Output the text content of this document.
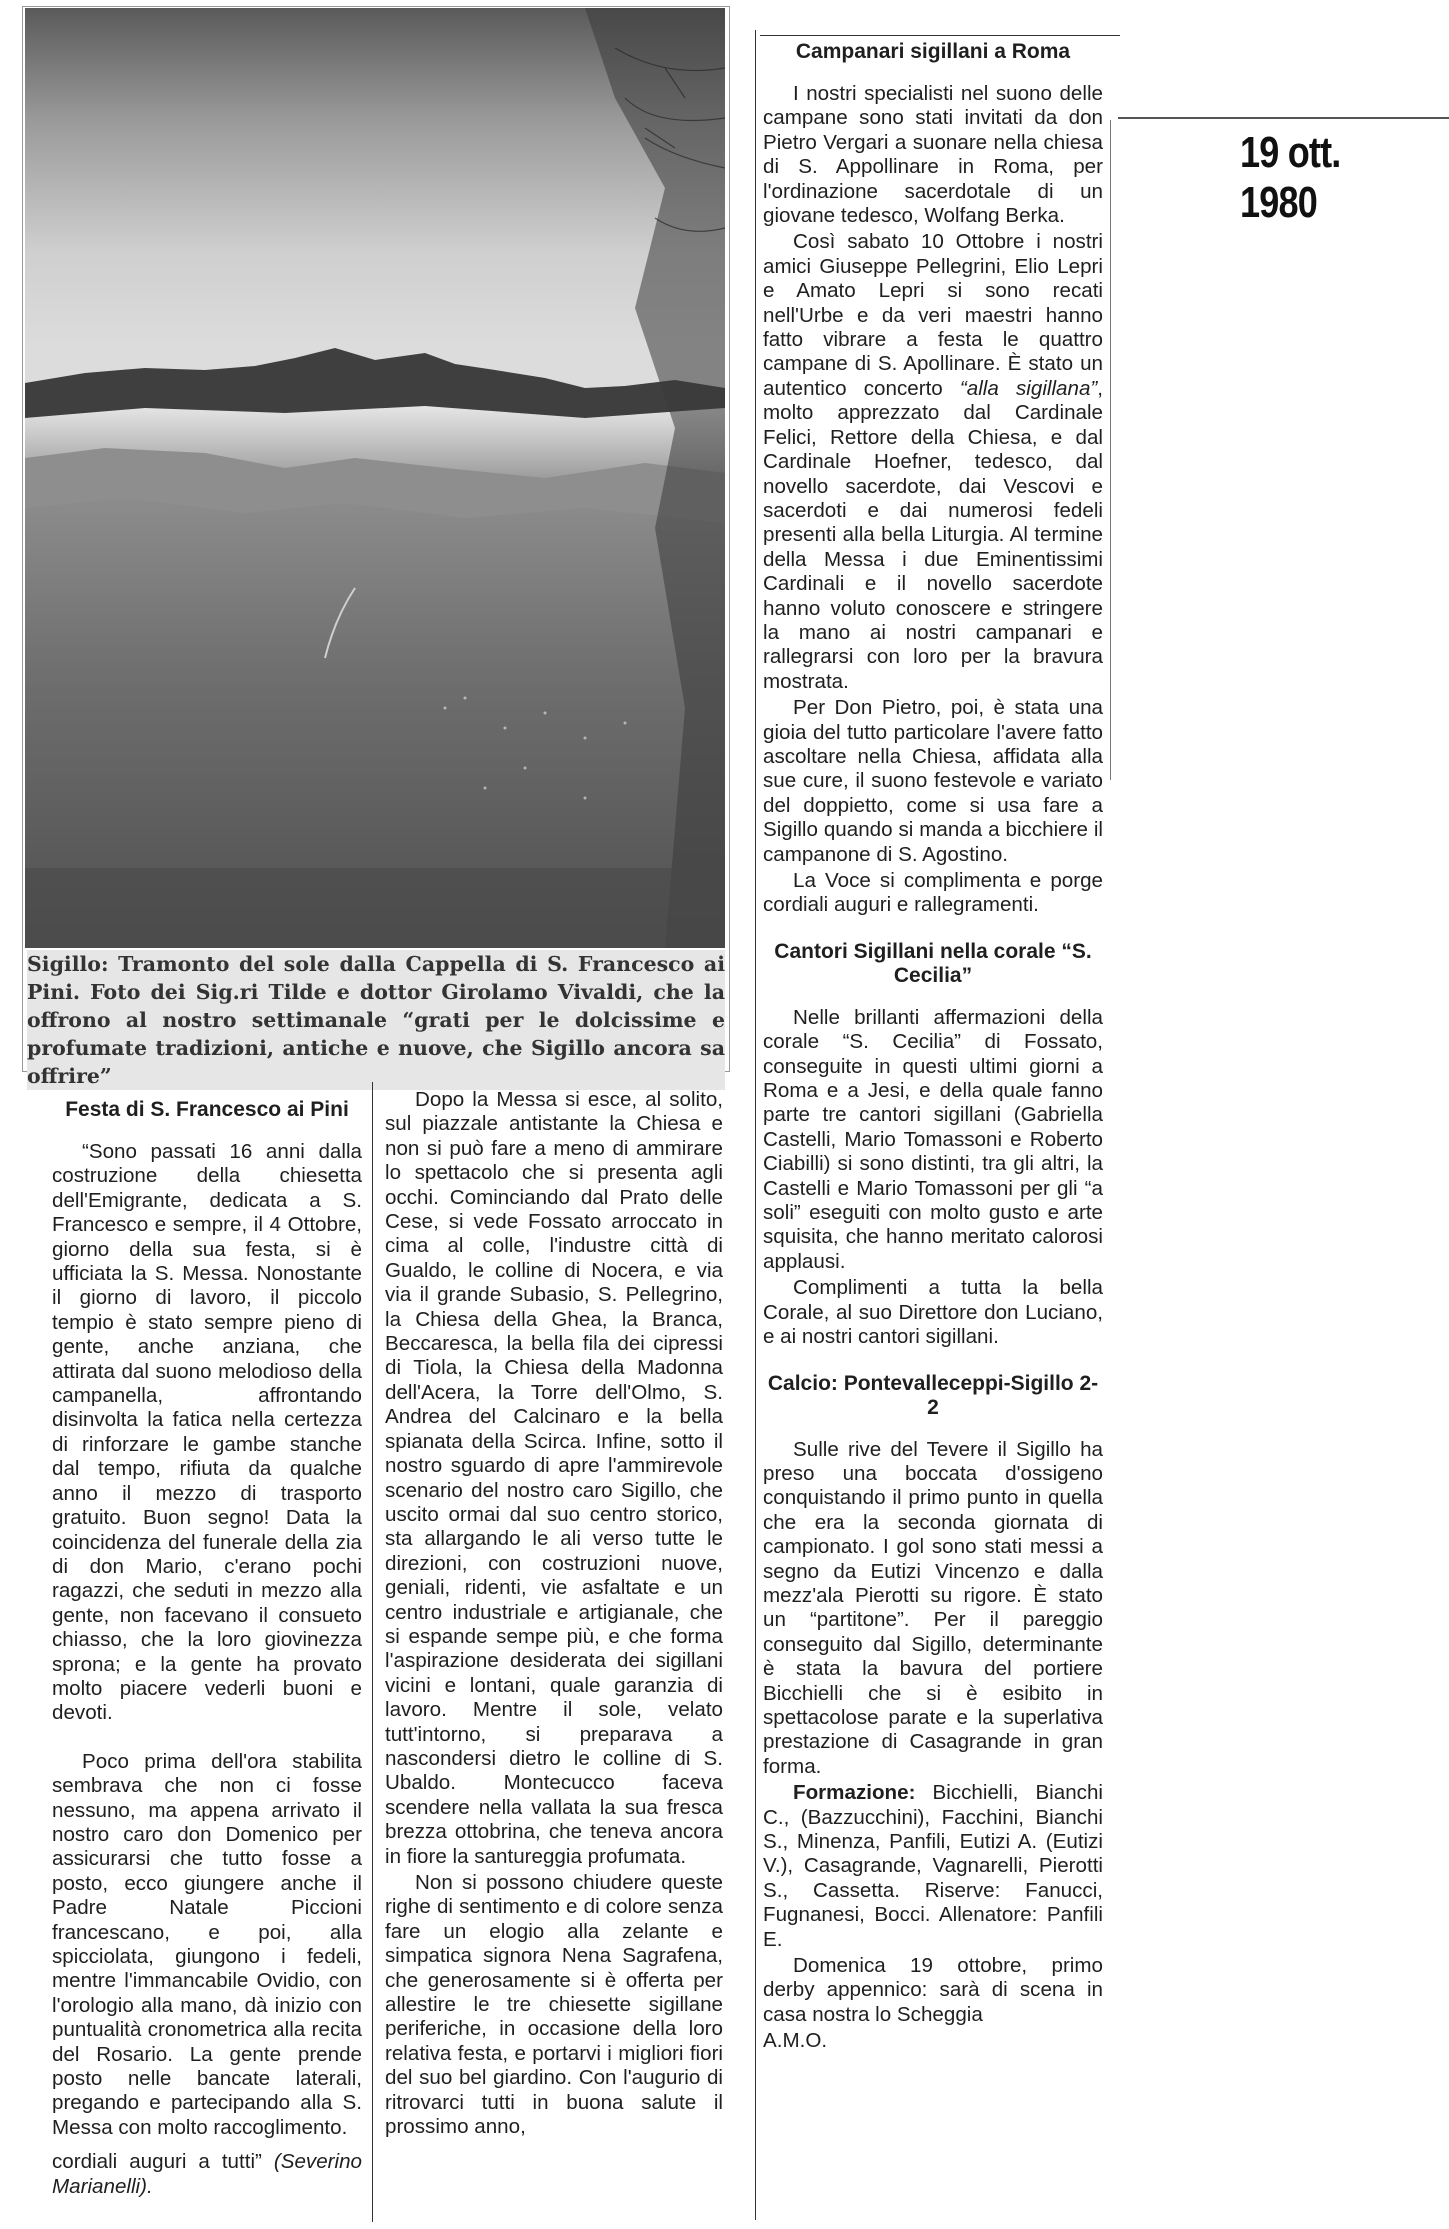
19 ott. 1980
Sigillo: Tramonto del sole dalla Cappella di S. Francesco ai Pini. Foto dei Sig.ri Tilde e dottor Girolamo Vivaldi, che la offrono al nostro settimanale “grati per le dolcissime e profumate tradizioni, antiche e nuove, che Sigillo ancora sa offrire”
Festa di S. Francesco ai Pini

“Sono passati 16 anni dalla costruzione della chiesetta dell'Emigrante, dedicata a S. Francesco e sempre, il 4 Ottobre, giorno della sua festa, si è ufficiata la S. Messa. Nonostante il giorno di lavoro, il piccolo tempio è stato sempre pieno di gente, anche anziana, che attirata dal suono melodioso della campanella, affrontando disinvolta la fatica nella certezza di rinforzare le gambe stanche dal tempo, rifiuta da qualche anno il mezzo di trasporto gratuito. Buon segno! Data la coincidenza del funerale della zia di don Mario, c'erano pochi ragazzi, che seduti in mezzo alla gente, non facevano il consueto chiasso, che la loro giovinezza sprona; e la gente ha provato molto piacere vederli buoni e devoti.

Poco prima dell'ora stabilita sembrava che non ci fosse nessuno, ma appena arrivato il nostro caro don Domenico per assicurarsi che tutto fosse a posto, ecco giungere anche il Padre Natale Piccioni francescano, e poi, alla spicciolata, giungono i fedeli, mentre l'immancabile Ovidio, con l'orologio alla mano, dà inizio con puntualità cronometrica alla recita del Rosario. La gente prende posto nelle bancate laterali, pregando e partecipando alla S. Messa con molto raccoglimento.

cordiali auguri a tutti” (Severino Marianelli).

Dopo la Messa si esce, al solito, sul piazzale antistante la Chiesa e non si può fare a meno di ammirare lo spettacolo che si presenta agli occhi. Cominciando dal Prato delle Cese, si vede Fossato arroccato in cima al colle, l'industre città di Gualdo, le colline di Nocera, e via via il grande Subasio, S. Pellegrino, la Chiesa della Ghea, la Branca, Beccaresca, la bella fila dei cipressi di Tiola, la Chiesa della Madonna dell'Acera, la Torre dell'Olmo, S. Andrea del Calcinaro e la bella spianata della Scirca. Infine, sotto il nostro sguardo di apre l'ammirevole scenario del nostro caro Sigillo, che uscito ormai dal suo centro storico, sta allargando le ali verso tutte le direzioni, con costruzioni nuove, geniali, ridenti, vie asfaltate e un centro industriale e artigianale, che si espande sempe più, e che forma l'aspirazione desiderata dei sigillani vicini e lontani, quale garanzia di lavoro. Mentre il sole, velato tutt'intorno, si preparava a nascondersi dietro le colline di S. Ubaldo. Montecucco faceva scendere nella vallata la sua fresca brezza ottobrina, che teneva ancora in fiore la santureggia profumata.

Non si possono chiudere queste righe di sentimento e di colore senza fare un elogio alla zelante e simpatica signora Nena Sagrafena, che generosamente si è offerta per allestire le tre chiesette sigillane periferiche, in occasione della loro relativa festa, e portarvi i migliori fiori del suo bel giardino. Con l'augurio di ritrovarci tutti in buona salute il prossimo anno,

Campanari sigillani a Roma

I nostri specialisti nel suono delle campane sono stati invitati da don Pietro Vergari a suonare nella chiesa di S. Appollinare in Roma, per l'ordinazione sacerdotale di un giovane tedesco, Wolfang Berka.

Così sabato 10 Ottobre i nostri amici Giuseppe Pellegrini, Elio Lepri e Amato Lepri si sono recati nell'Urbe e da veri maestri hanno fatto vibrare a festa le quattro campane di S. Apollinare. È stato un autentico concerto “alla sigillana”, molto apprezzato dal Cardinale Felici, Rettore della Chiesa, e dal Cardinale Hoefner, tedesco, dal novello sacerdote, dai Vescovi e sacerdoti e dai numerosi fedeli presenti alla bella Liturgia. Al termine della Messa i due Eminentissimi Cardinali e il novello sacerdote hanno voluto conoscere e stringere la mano ai nostri campanari e rallegrarsi con loro per la bravura mostrata.

Per Don Pietro, poi, è stata una gioia del tutto particolare l'avere fatto ascoltare nella Chiesa, affidata alla sue cure, il suono festevole e variato del doppietto, come si usa fare a Sigillo quando si manda a bicchiere il campanone di S. Agostino.

La Voce si complimenta e porge cordiali auguri e rallegramenti.

Cantori Sigillani nella corale “S. Cecilia”

Nelle brillanti affermazioni della corale “S. Cecilia” di Fossato, conseguite in questi ultimi giorni a Roma e a Jesi, e della quale fanno parte tre cantori sigillani (Gabriella Castelli, Mario Tomassoni e Roberto Ciabilli) si sono distinti, tra gli altri, la Castelli e Mario Tomassoni per gli “a soli” eseguiti con molto gusto e arte squisita, che hanno meritato calorosi applausi.

Complimenti a tutta la bella Corale, al suo Direttore don Luciano, e ai nostri cantori sigillani.

Calcio: Pontevalleceppi-Sigillo 2-2

Sulle rive del Tevere il Sigillo ha preso una boccata d'ossigeno conquistando il primo punto in quella che era la seconda giornata di campionato. I gol sono stati messi a segno da Eutizi Vincenzo e dalla mezz'ala Pierotti su rigore. È stato un “partitone”. Per il pareggio conseguito dal Sigillo, determinante è stata la bavura del portiere Bicchielli che si è esibito in spettacolose parate e la superlativa prestazione di Casagrande in gran forma.

Formazione: Bicchielli, Bianchi C., (Bazzucchini), Facchini, Bianchi S., Minenza, Panfili, Eutizi A. (Eutizi V.), Casagrande, Vagnarelli, Pierotti S., Cassetta. Riserve: Fanucci, Fugnanesi, Bocci. Allenatore: Panfili E.

Domenica 19 ottobre, primo derby appennico: sarà di scena in casa nostra lo Scheggia

A.M.O.
